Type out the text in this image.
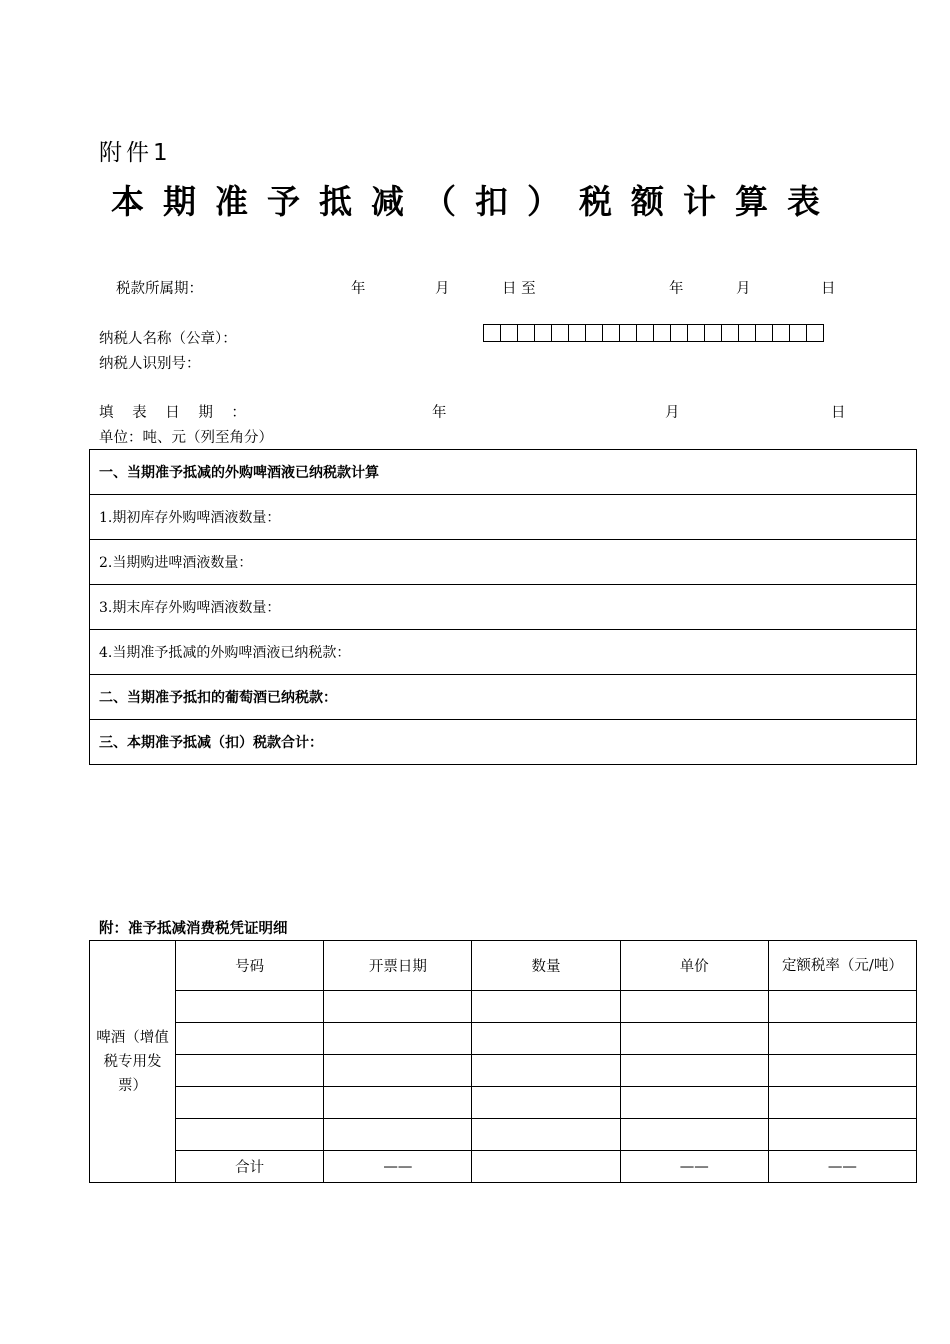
附件1
本期准予抵减（扣）税额计算表
税款所属期：	年	月	日 至	年	月	日
纳税人名称（公章）：
纳税人识别号：
填 表 日 期 ：	年	月	日
单位：吨、元（列至角分）
一、当期准予抵减的外购啤酒液已纳税款计算
1.期初库存外购啤酒液数量：
2.当期购进啤酒液数量：
3.期末库存外购啤酒液数量：
4.当期准予抵减的外购啤酒液已纳税款：
二、当期准予抵扣的葡萄酒已纳税款：
三、本期准予抵减（扣）税款合计：
附：准予抵减消费税凭证明细
啤酒（增值税专用发票）	号码	开票日期	数量	单价	定额税率（元/吨）

	合计	——		——	——
